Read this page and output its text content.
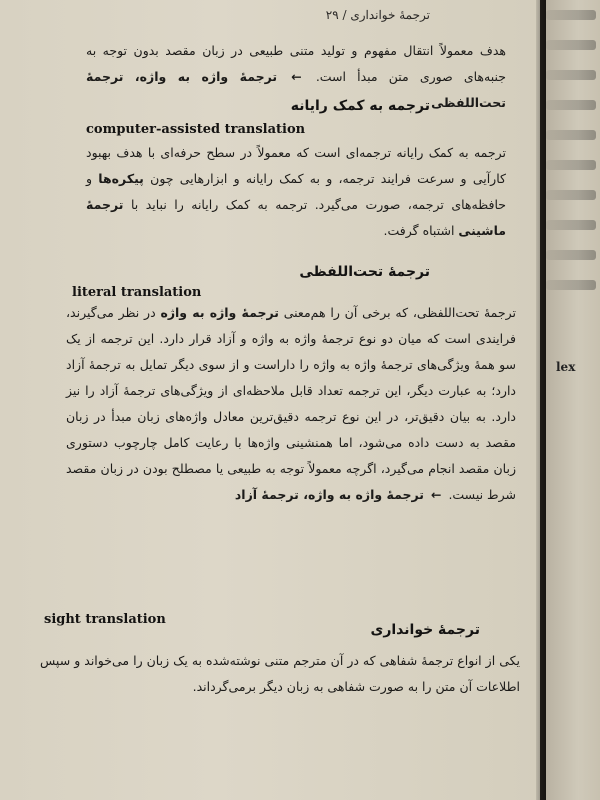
ترجمهٔ خوانداری / ۲۹
هدف معمولاً انتقال مفهوم و تولید متنی طبیعی در زبان مقصد بدون توجه به جنبه‌های صوری متن مبدأ است. ← ترجمهٔ واژه به واژه، ترجمهٔ تحت‌اللفظی
ترجمه به کمک رایانه
computer-assisted translation
ترجمه به کمک رایانه ترجمه‌ای است که معمولاً در سطح حرفه‌ای با هدف بهبود کارآیی و سرعت فرایند ترجمه، و به کمک رایانه و ابزارهایی چون پیکره‌ها و حافظه‌های ترجمه، صورت می‌گیرد. ترجمه به کمک رایانه را نباید با ترجمهٔ ماشینی اشتباه گرفت.
ترجمهٔ تحت‌اللفظی
literal translation
ترجمهٔ تحت‌اللفظی، که برخی آن را هم‌معنی ترجمهٔ واژه به واژه در نظر می‌گیرند، فرایندی است که میان دو نوع ترجمهٔ واژه به واژه و آزاد قرار دارد. این ترجمه از یک سو همهٔ ویژگی‌های ترجمهٔ واژه به واژه را داراست و از سوی دیگر تمایل به ترجمهٔ آزاد دارد؛ به عبارت دیگر، این ترجمه تعداد قابل ملاحظه‌ای از ویژگی‌های ترجمهٔ آزاد را نیز دارد. به بیان دقیق‌تر، در این نوع ترجمه دقیق‌ترین معادل واژه‌های زبان مبدأ در زبان مقصد به دست داده می‌شود، اما همنشینی واژه‌ها با رعایت کامل چارچوب دستوری زبان مقصد انجام می‌گیرد، اگرچه معمولاً توجه به طبیعی یا مصطلح بودن در زبان مقصد شرط نیست. ← ترجمهٔ واژه به واژه، ترجمهٔ آزاد
sight translation
ترجمهٔ خوانداری
یکی از انواع ترجمهٔ شفاهی که در آن مترجم متنی نوشته‌شده به یک زبان را می‌خواند و سپس اطلاعات آن متن را به صورت شفاهی به زبان دیگر برمی‌گرداند.
lex
